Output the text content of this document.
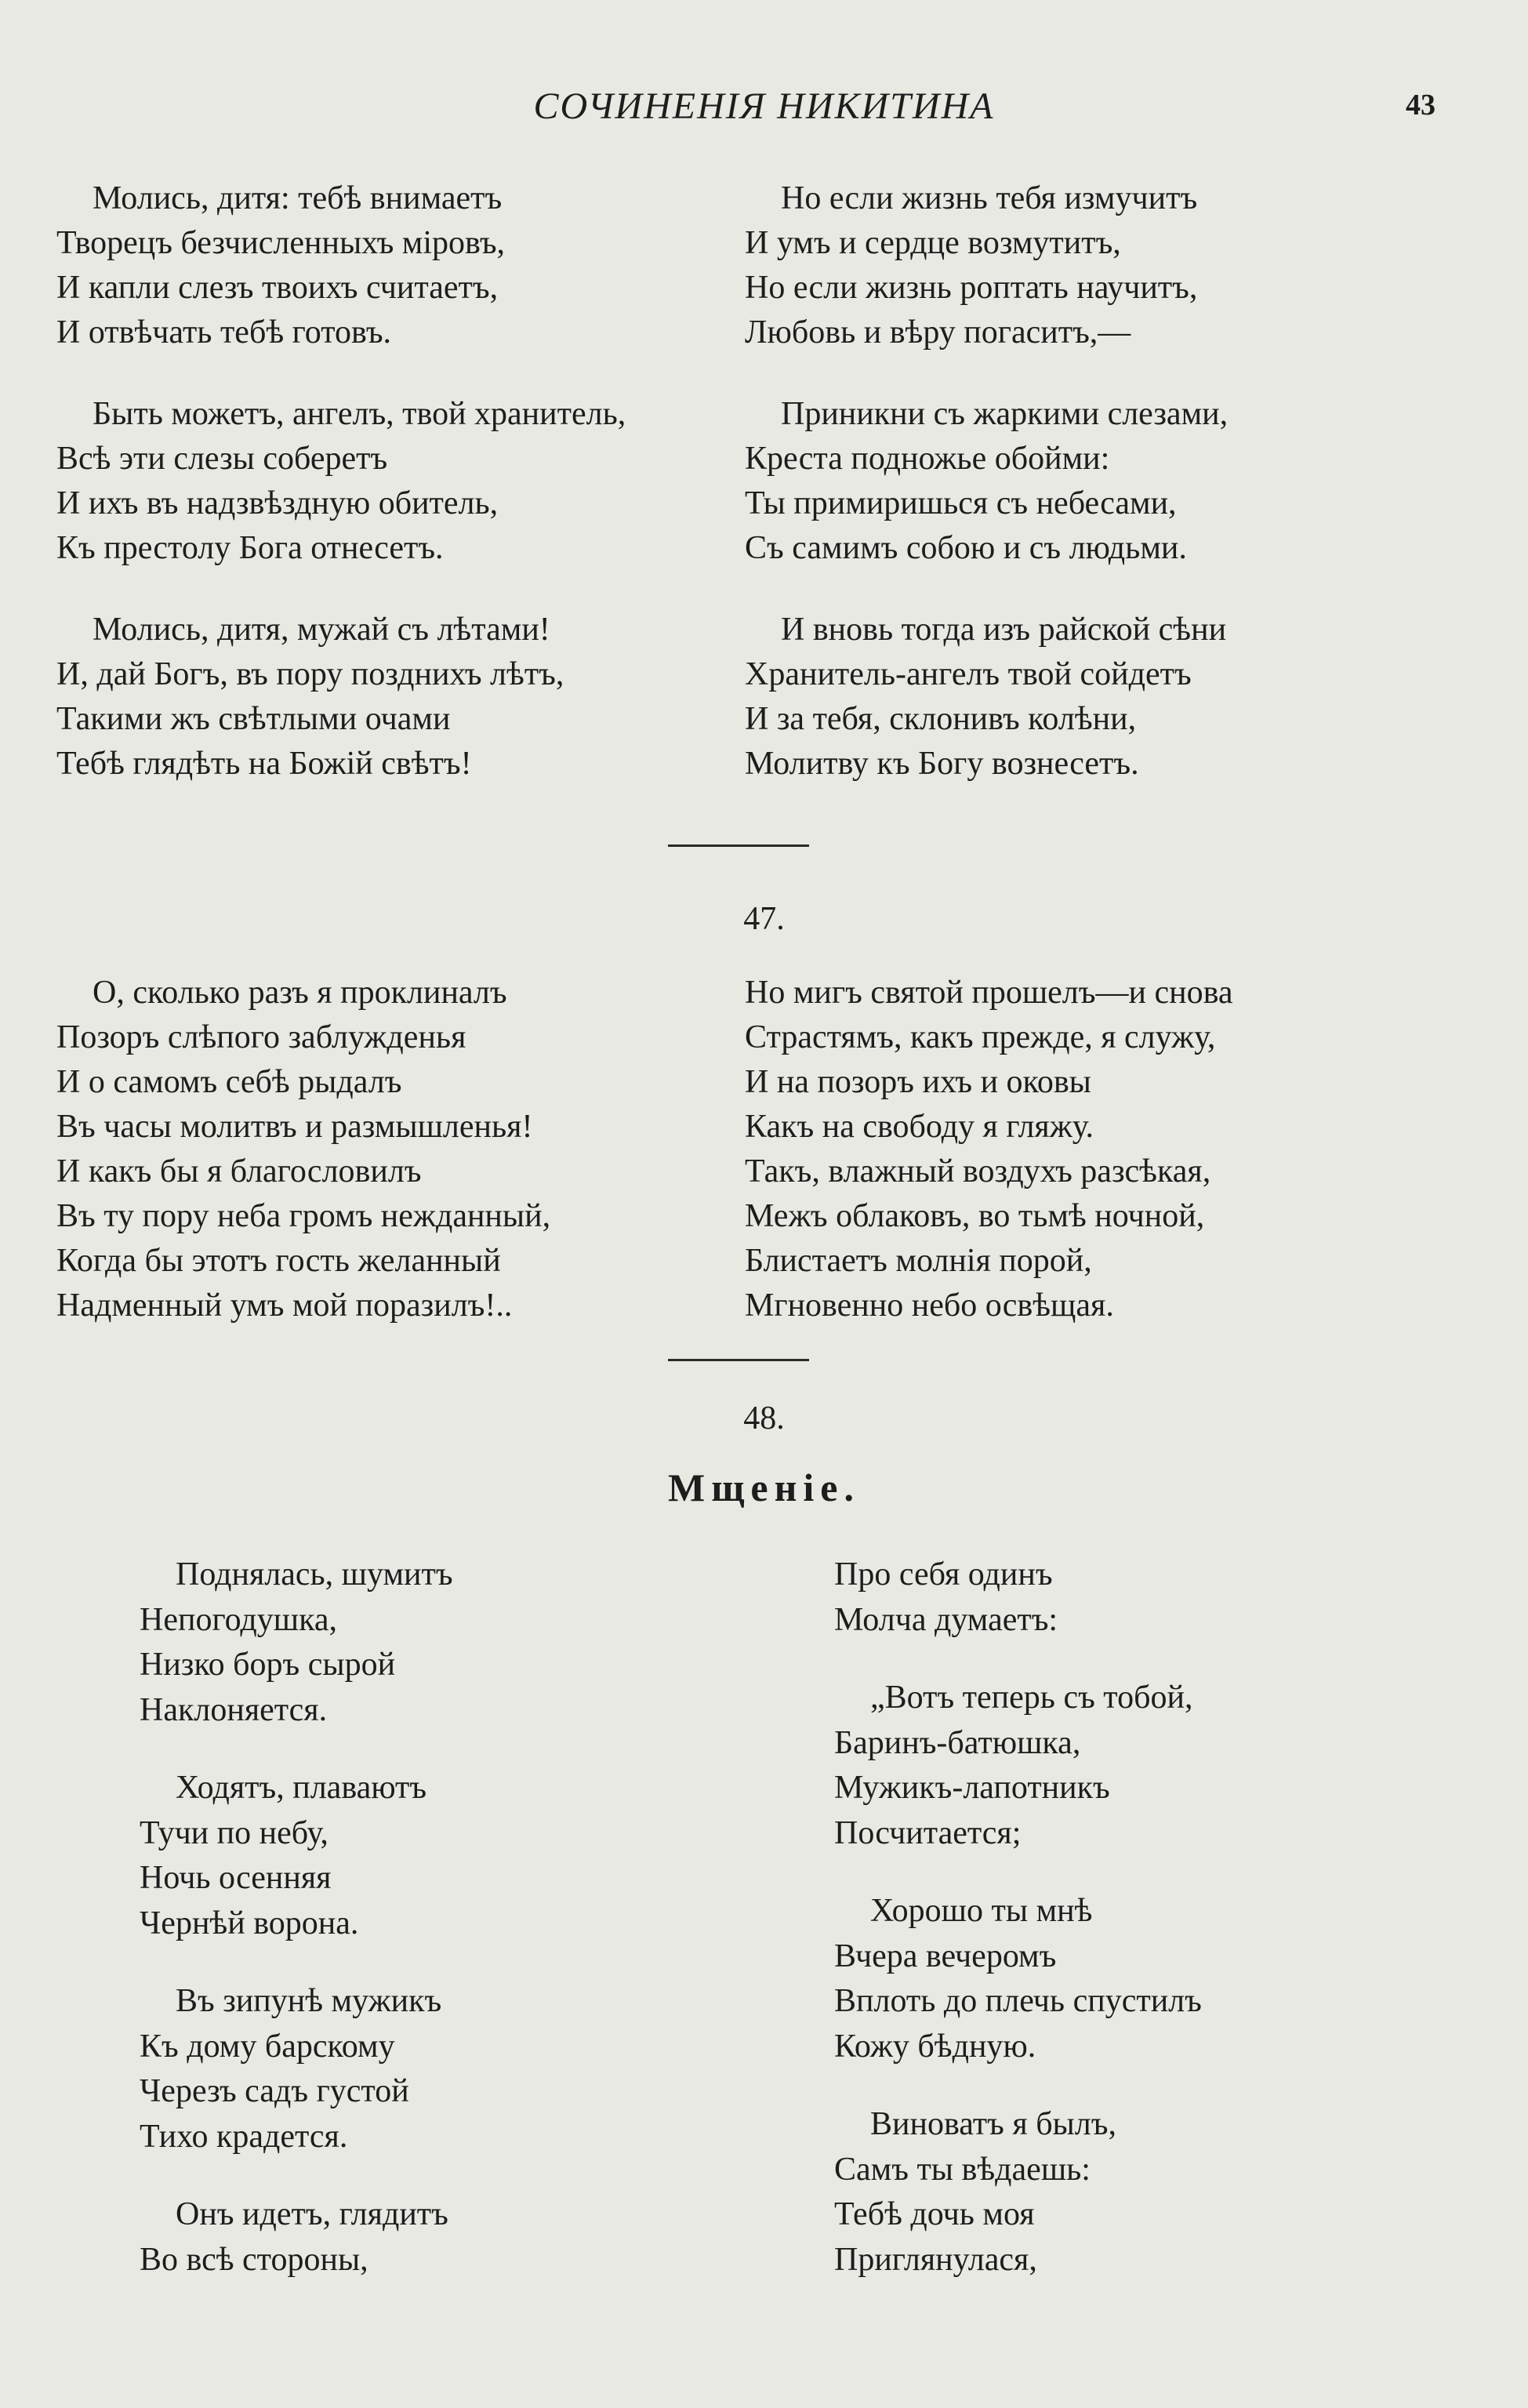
СОЧИНЕНІЯ НИКИТИНА	43
Молись, дитя: тебѣ внимаетъ
Творецъ безчисленныхъ міровъ,
И капли слезъ твоихъ считаетъ,
И отвѣчать тебѣ готовъ.
Быть можетъ, ангелъ, твой хранитель,
Всѣ эти слезы соберетъ
И ихъ въ надзвѣздную обитель,
Къ престолу Бога отнесетъ.
Молись, дитя, мужай съ лѣтами!
И, дай Богъ, въ пору позднихъ лѣтъ,
Такими жъ свѣтлыми очами
Тебѣ глядѣть на Божій свѣтъ!
Но если жизнь тебя измучитъ
И умъ и сердце возмутитъ,
Но если жизнь роптать научитъ,
Любовь и вѣру погаситъ,—
Приникни съ жаркими слезами,
Креста подножье обойми:
Ты примиришься съ небесами,
Съ самимъ собою и съ людьми.
И вновь тогда изъ райской сѣни
Хранитель-ангелъ твой сойдетъ
И за тебя, склонивъ колѣни,
Молитву къ Богу вознесетъ.
47.
О, сколько разъ я проклиналъ
Позоръ слѣпого заблужденья
И о самомъ себѣ рыдалъ
Въ часы молитвъ и размышленья!
И какъ бы я благословилъ
Въ ту пору неба громъ нежданный,
Когда бы этотъ гость желанный
Надменный умъ мой поразилъ!..
Но мигъ святой прошелъ—и снова
Страстямъ, какъ прежде, я служу,
И на позоръ ихъ и оковы
Какъ на свободу я гляжу.
Такъ, влажный воздухъ разсѣкая,
Межъ облаковъ, во тьмѣ ночной,
Блистаетъ молнія порой,
Мгновенно небо освѣщая.
48.
Мщеніе.
Поднялась, шумитъ
Непогодушка,
Низко боръ сырой
Наклоняется.
Ходятъ, плаваютъ
Тучи по небу,
Ночь осенняя
Чернѣй ворона.
Въ зипунѣ мужикъ
Къ дому барскому
Черезъ садъ густой
Тихо крадется.
Онъ идетъ, глядитъ
Во всѣ стороны,
Про себя одинъ
Молча думаетъ:
„Вотъ теперь съ тобой,
Баринъ-батюшка,
Мужикъ-лапотникъ
Посчитается;
Хорошо ты мнѣ
Вчера вечеромъ
Вплоть до плечь спустилъ
Кожу бѣдную.
Виноватъ я былъ,
Самъ ты вѣдаешь:
Тебѣ дочь моя
Приглянулася,
